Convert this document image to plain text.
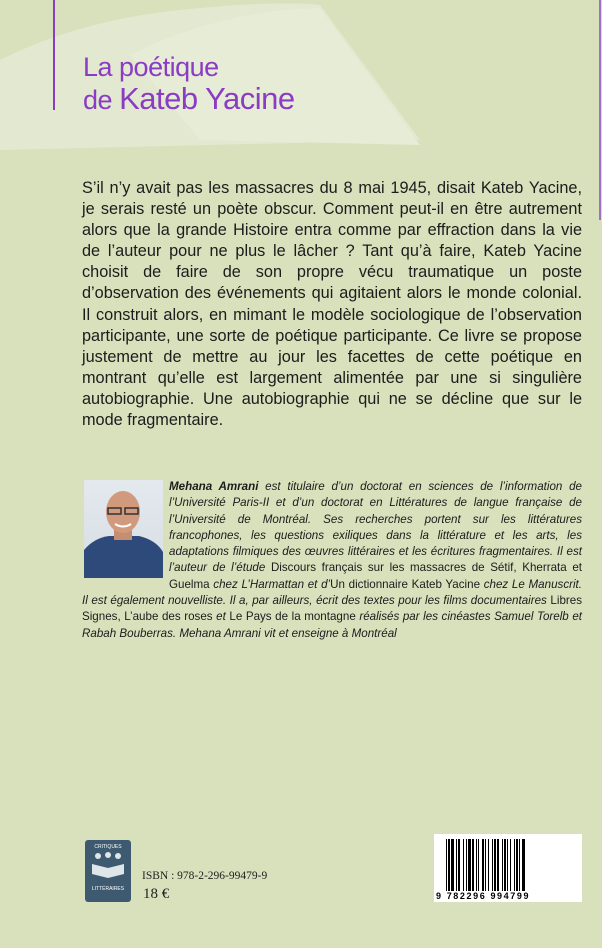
La poétique
de Kateb Yacine
S’il n’y avait pas les massacres du 8 mai 1945, disait Kateb Yacine, je serais resté un poète obscur. Comment peut-il en être autrement alors que la grande Histoire entra comme par effraction dans la vie de l’auteur pour ne plus le lâcher ? Tant qu’à faire, Kateb Yacine choisit de faire de son propre vécu traumatique un poste d’observation des événements qui agitaient alors le monde colonial. Il construit alors, en mimant le modèle sociologique de l’observation participante, une sorte de poétique participante. Ce livre se propose justement de mettre au jour les facettes de cette poétique en montrant qu’elle est largement alimentée par une si singulière autobiographie. Une autobiographie qui ne se décline que sur le mode fragmentaire.
Mehana Amrani est titulaire d’un doctorat en sciences de l’information de l’Université Paris-II et d’un doctorat en Littératures de langue française de l’Université de Montréal. Ses recherches portent sur les littératures francophones, les questions exiliques dans la littérature et les arts, les adaptations filmiques des œuvres littéraires et les écritures fragmentaires. Il est l’auteur de l’étude Discours français sur les massacres de Sétif, Kherrata et Guelma chez L’Harmattan et d’Un dictionnaire Kateb Yacine chez Le Manuscrit. Il est également nouvelliste. Il a, par ailleurs, écrit des textes pour les films documentaires Libres Signes, L’aube des roses et Le Pays de la montagne réalisés par les cinéastes Samuel Torelb et Rabah Bouberras. Mehana Amrani vit et enseigne à Montréal
CRITIQUES
LITTÉRAIRES
ISBN : 978-2-296-99479-9
18 €	9 782296 994799
